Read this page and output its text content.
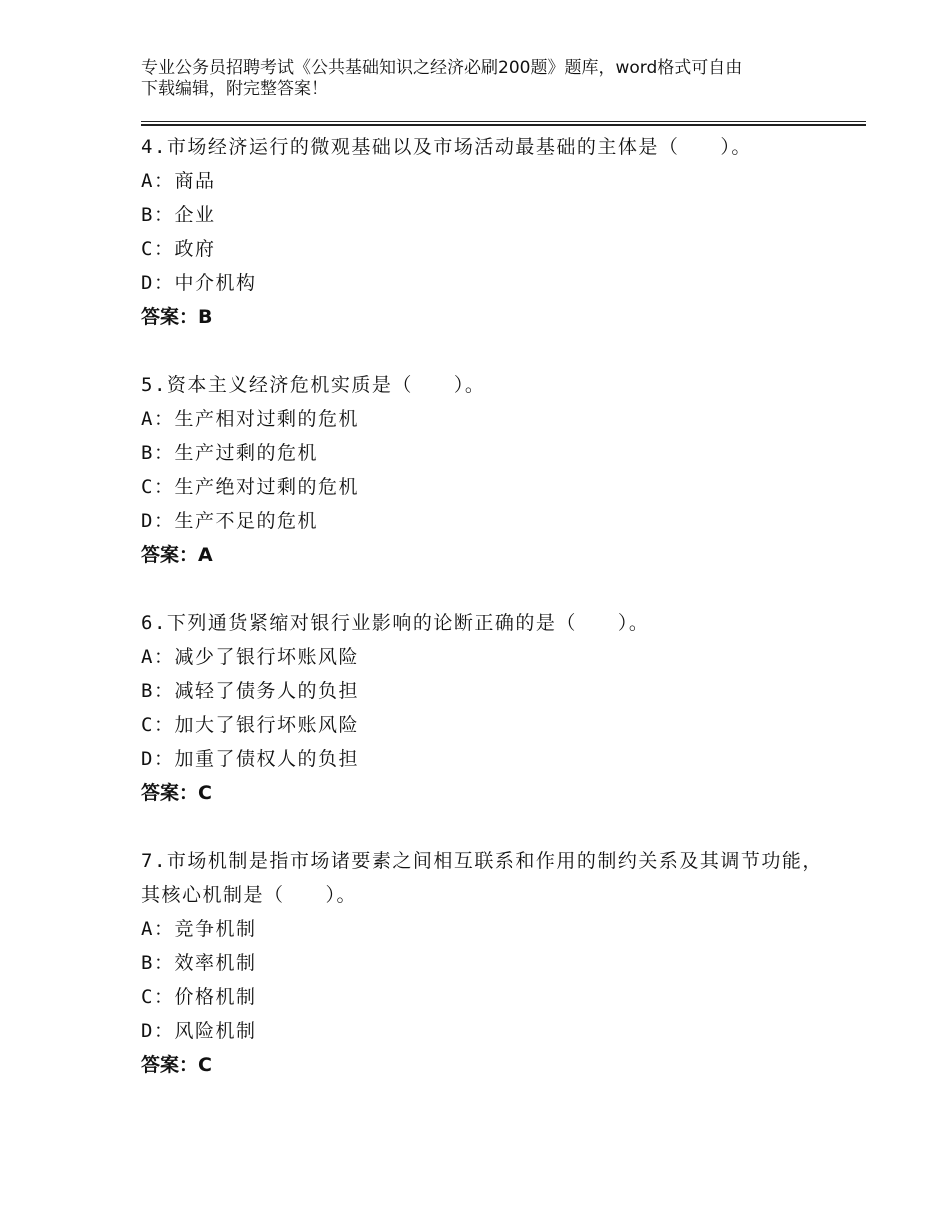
专业公务员招聘考试《公共基础知识之经济必刷200题》题库，word格式可自由
下载编辑，附完整答案！
4.市场经济运行的微观基础以及市场活动最基础的主体是（　　）。
A：商品
B：企业
C：政府
D：中介机构
答案：B
5.资本主义经济危机实质是（　　）。
A：生产相对过剩的危机
B：生产过剩的危机
C：生产绝对过剩的危机
D：生产不足的危机
答案：A
6.下列通货紧缩对银行业影响的论断正确的是（　　）。
A：减少了银行坏账风险
B：减轻了债务人的负担
C：加大了银行坏账风险
D：加重了债权人的负担
答案：C
7.市场机制是指市场诸要素之间相互联系和作用的制约关系及其调节功能，其核心机制是（　　）。
A：竞争机制
B：效率机制
C：价格机制
D：风险机制
答案：C
